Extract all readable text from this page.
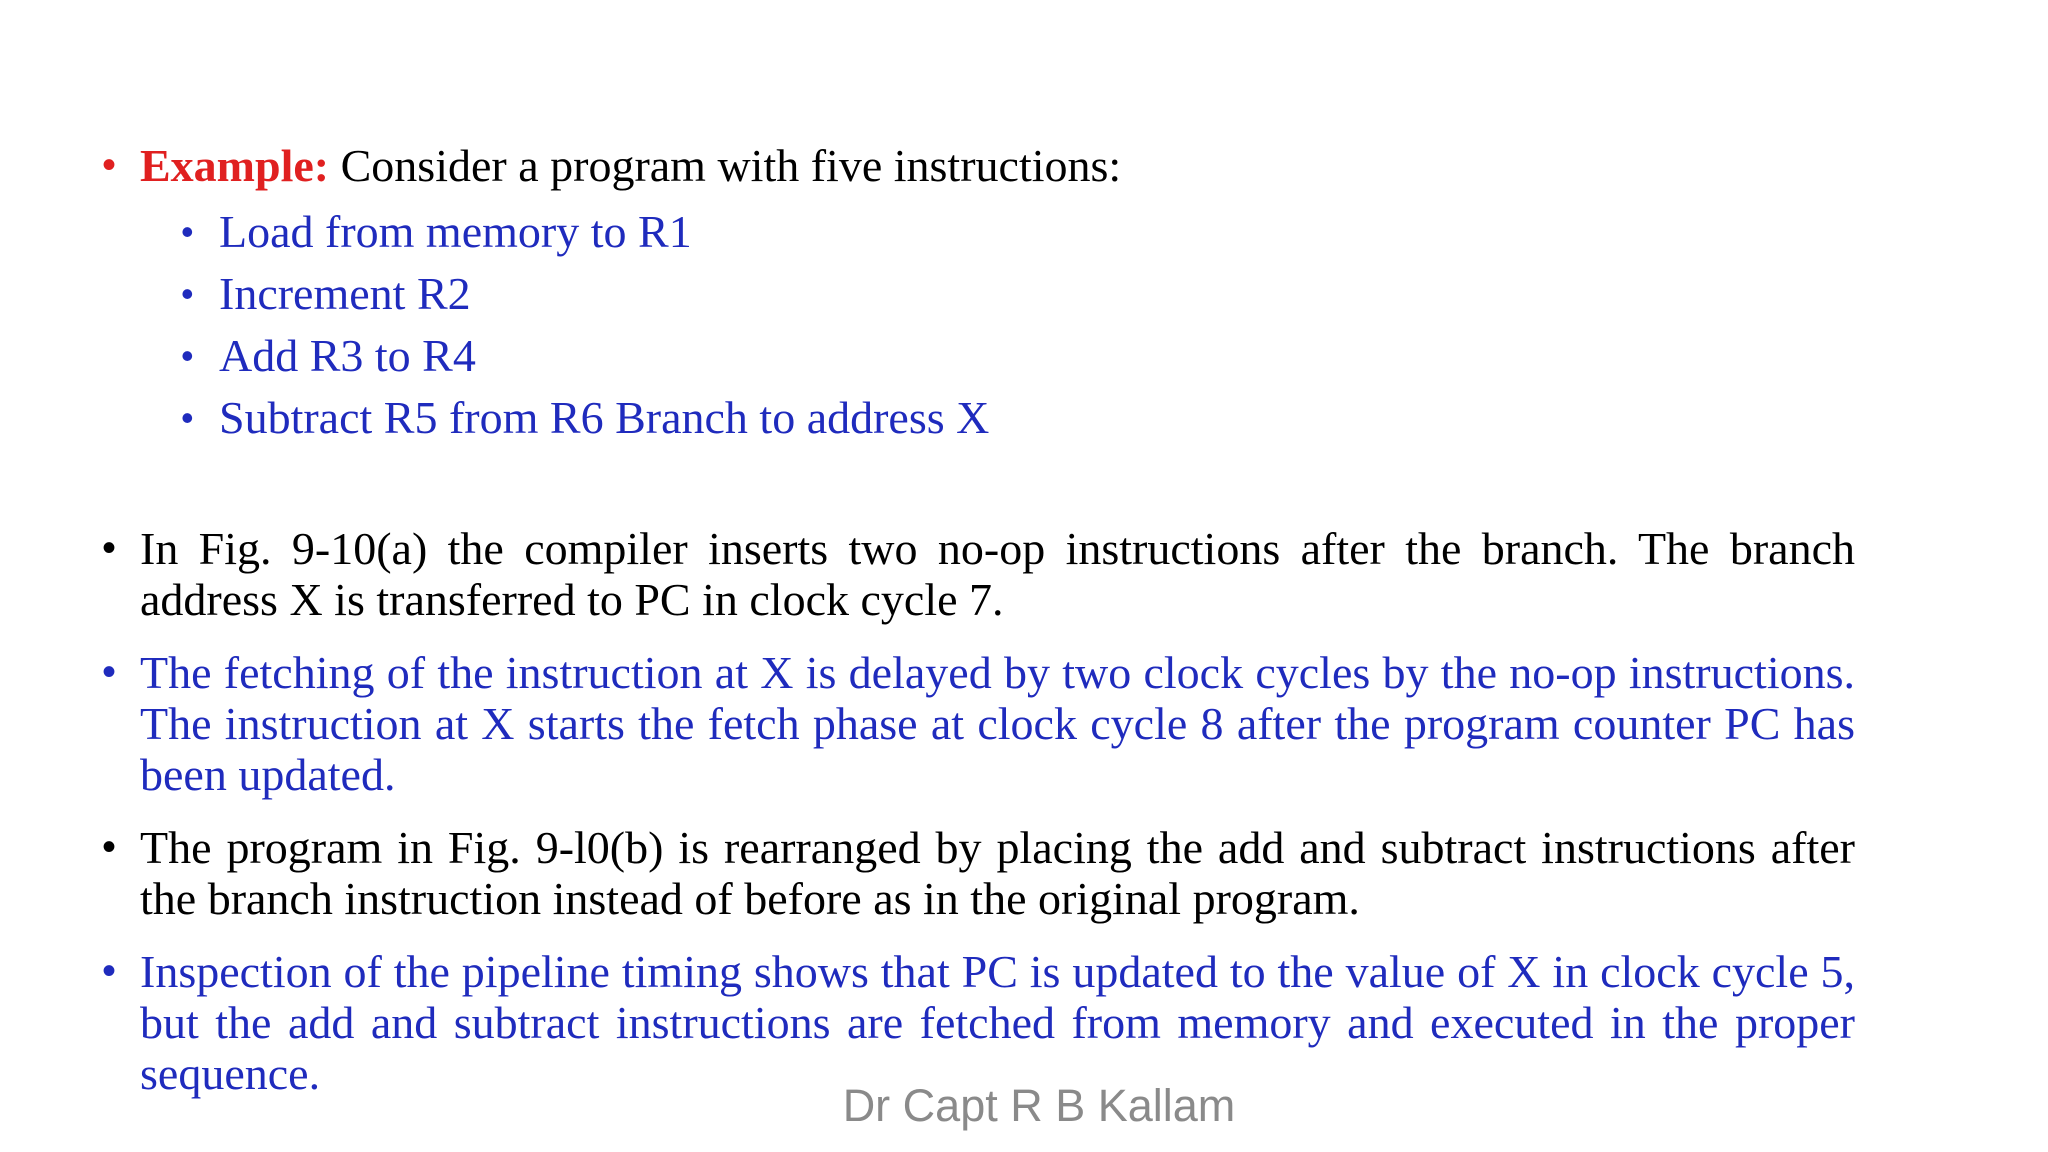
• Example: Consider a program with five instructions:
• Load from memory to R1
• Increment R2
• Add R3 to R4
• Subtract R5 from R6 Branch to address X
• In Fig. 9-10(a) the compiler inserts two no-op instructions after the branch. The branch address X is transferred to PC in clock cycle 7.
• The fetching of the instruction at X is delayed by two clock cycles by the no-op instructions. The instruction at X starts the fetch phase at clock cycle 8 after the program counter PC has been updated.
• The program in Fig. 9-l0(b) is rearranged by placing the add and subtract instructions after the branch instruction instead of before as in the original program.
• Inspection of the pipeline timing shows that PC is updated to the value of X in clock cycle 5, but the add and subtract instructions are fetched from memory and executed in the proper sequence.
Dr Capt R B Kallam
